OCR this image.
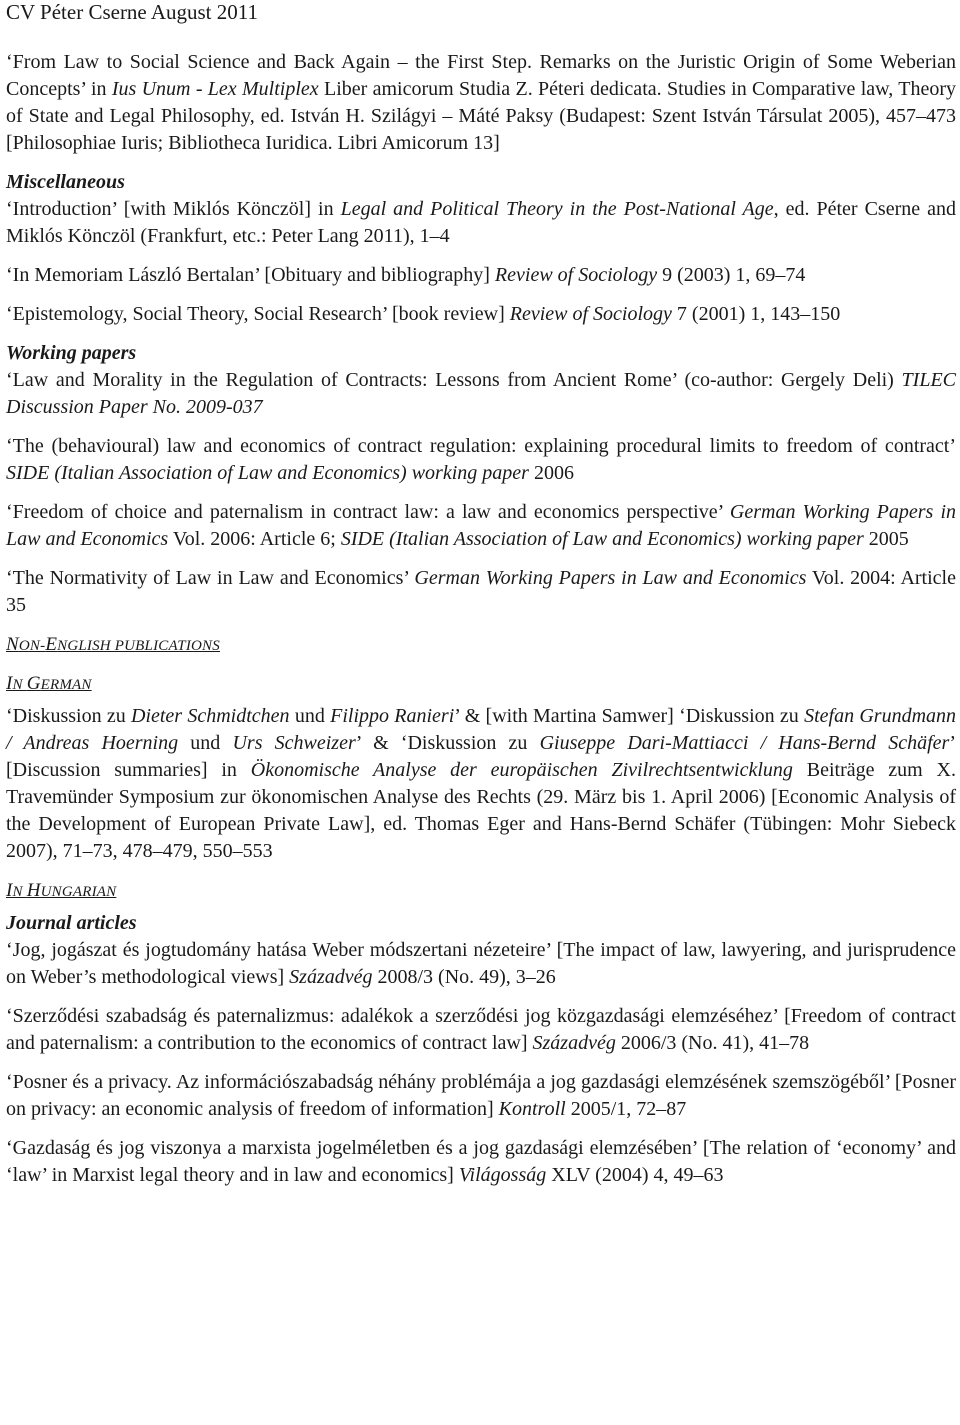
CV Péter Cserne August 2011

‘From Law to Social Science and Back Again – the First Step. Remarks on the Juristic Origin of Some Weberian Concepts’ in Ius Unum - Lex Multiplex Liber amicorum Studia Z. Péteri dedicata. Studies in Comparative law, Theory of State and Legal Philosophy, ed. István H. Szilágyi – Máté Paksy (Budapest: Szent István Társulat 2005), 457–473 [Philosophiae Iuris; Bibliotheca Iuridica. Libri Amicorum 13]

Miscellaneous

‘Introduction’ [with Miklós Könczöl] in Legal and Political Theory in the Post-National Age, ed. Péter Cserne and Miklós Könczöl (Frankfurt, etc.: Peter Lang 2011), 1–4

‘In Memoriam László Bertalan’ [Obituary and bibliography] Review of Sociology 9 (2003) 1, 69–74

‘Epistemology, Social Theory, Social Research’ [book review] Review of Sociology 7 (2001) 1, 143–150

Working papers

‘Law and Morality in the Regulation of Contracts: Lessons from Ancient Rome’ (co-author: Gergely Deli) TILEC Discussion Paper No. 2009-037

‘The (behavioural) law and economics of contract regulation: explaining procedural limits to freedom of contract’ SIDE (Italian Association of Law and Economics) working paper 2006

‘Freedom of choice and paternalism in contract law: a law and economics perspective’ German Working Papers in Law and Economics Vol. 2006: Article 6; SIDE (Italian Association of Law and Economics) working paper 2005

‘The Normativity of Law in Law and Economics’ German Working Papers in Law and Economics Vol. 2004: Article 35

NON-ENGLISH PUBLICATIONS
IN GERMAN

‘Diskussion zu Dieter Schmidtchen und Filippo Ranieri’ & [with Martina Samwer] ‘Diskussion zu Stefan Grundmann / Andreas Hoerning und Urs Schweizer’ & ‘Diskussion zu Giuseppe Dari-Mattiacci / Hans-Bernd Schäfer’ [Discussion summaries] in Ökonomische Analyse der europäischen Zivilrechtsentwicklung Beiträge zum X. Travemünder Symposium zur ökonomischen Analyse des Rechts (29. März bis 1. April 2006) [Economic Analysis of the Development of European Private Law], ed. Thomas Eger and Hans-Bernd Schäfer (Tübingen: Mohr Siebeck 2007), 71–73, 478–479, 550–553

IN HUNGARIAN
Journal articles

‘Jog, jogászat és jogtudomány hatása Weber módszertani nézeteire’ [The impact of law, lawyering, and jurisprudence on Weber’s methodological views] Századvég 2008/3 (No. 49), 3–26

‘Szerződési szabadság és paternalizmus: adalékok a szerződési jog közgazdasági elemzéséhez’ [Freedom of contract and paternalism: a contribution to the economics of contract law] Századvég 2006/3 (No. 41), 41–78

‘Posner és a privacy. Az információszabadság néhány problémája a jog gazdasági elemzésének szemszögéből’ [Posner on privacy: an economic analysis of freedom of information] Kontroll 2005/1, 72–87

‘Gazdaság és jog viszonya a marxista jogelméletben és a jog gazdasági elemzésében’ [The relation of ‘economy’ and ‘law’ in Marxist legal theory and in law and economics] Világosság XLV (2004) 4, 49–63
